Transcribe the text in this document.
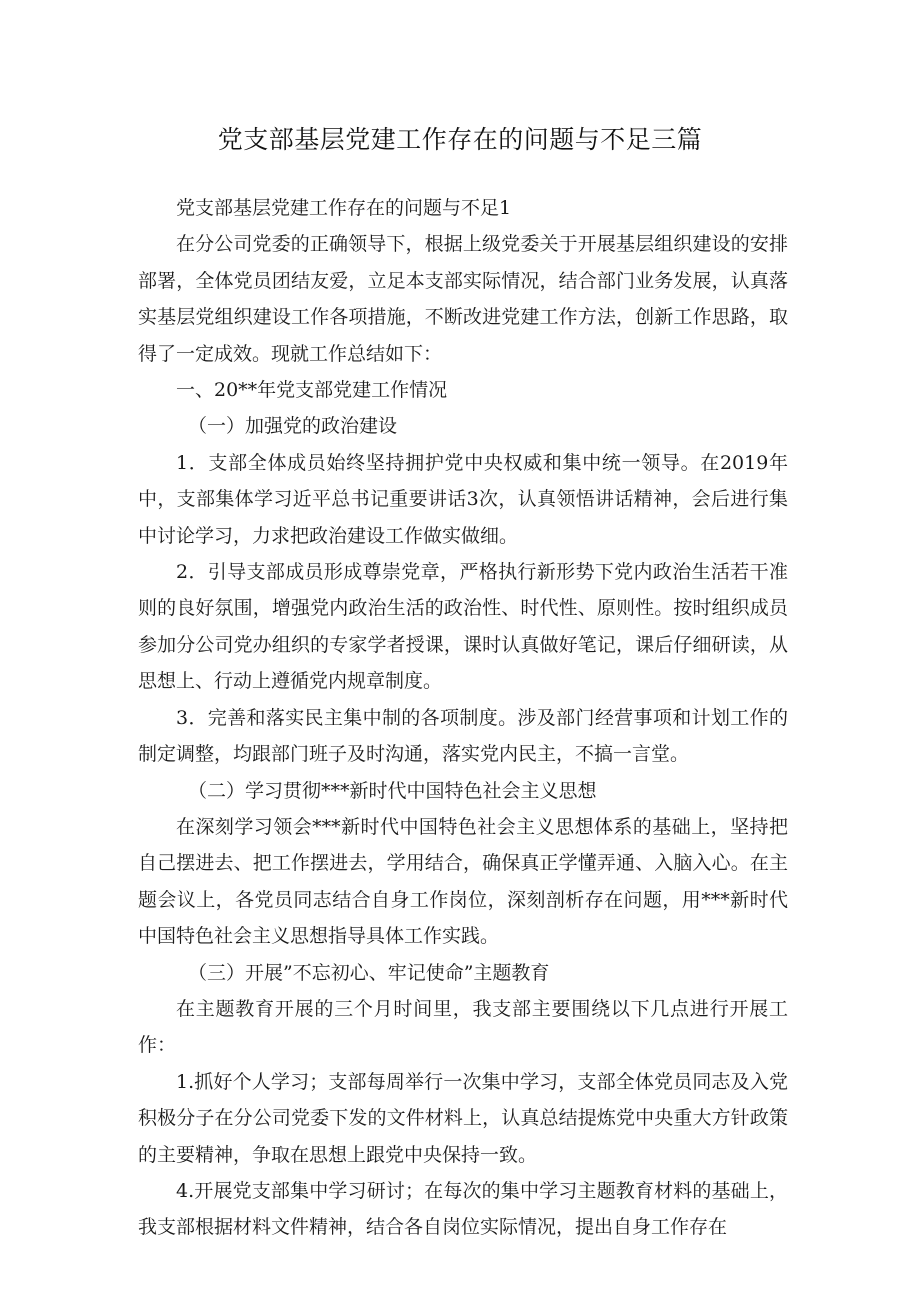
党支部基层党建工作存在的问题与不足三篇

党支部基层党建工作存在的问题与不足1

在分公司党委的正确领导下，根据上级党委关于开展基层组织建设的安排部署，全体党员团结友爱，立足本支部实际情况，结合部门业务发展，认真落实基层党组织建设工作各项措施，不断改进党建工作方法，创新工作思路，取得了一定成效。现就工作总结如下：

一、20**年党支部党建工作情况

（一）加强党的政治建设

1．支部全体成员始终坚持拥护党中央权威和集中统一领导。在2019年中，支部集体学习近平总书记重要讲话3次，认真领悟讲话精神，会后进行集中讨论学习，力求把政治建设工作做实做细。

2．引导支部成员形成尊崇党章，严格执行新形势下党内政治生活若干准则的良好氛围，增强党内政治生活的政治性、时代性、原则性。按时组织成员参加分公司党办组织的专家学者授课，课时认真做好笔记，课后仔细研读，从思想上、行动上遵循党内规章制度。

3．完善和落实民主集中制的各项制度。涉及部门经营事项和计划工作的制定调整，均跟部门班子及时沟通，落实党内民主，不搞一言堂。

（二）学习贯彻***新时代中国特色社会主义思想

在深刻学习领会***新时代中国特色社会主义思想体系的基础上，坚持把自己摆进去、把工作摆进去，学用结合，确保真正学懂弄通、入脑入心。在主题会议上，各党员同志结合自身工作岗位，深刻剖析存在问题，用***新时代中国特色社会主义思想指导具体工作实践。

（三）开展”不忘初心、牢记使命”主题教育

在主题教育开展的三个月时间里，我支部主要围绕以下几点进行开展工作：

1.抓好个人学习；支部每周举行一次集中学习，支部全体党员同志及入党积极分子在分公司党委下发的文件材料上，认真总结提炼党中央重大方针政策的主要精神，争取在思想上跟党中央保持一致。

4.开展党支部集中学习研讨；在每次的集中学习主题教育材料的基础上，我支部根据材料文件精神，结合各自岗位实际情况，提出自身工作存在
